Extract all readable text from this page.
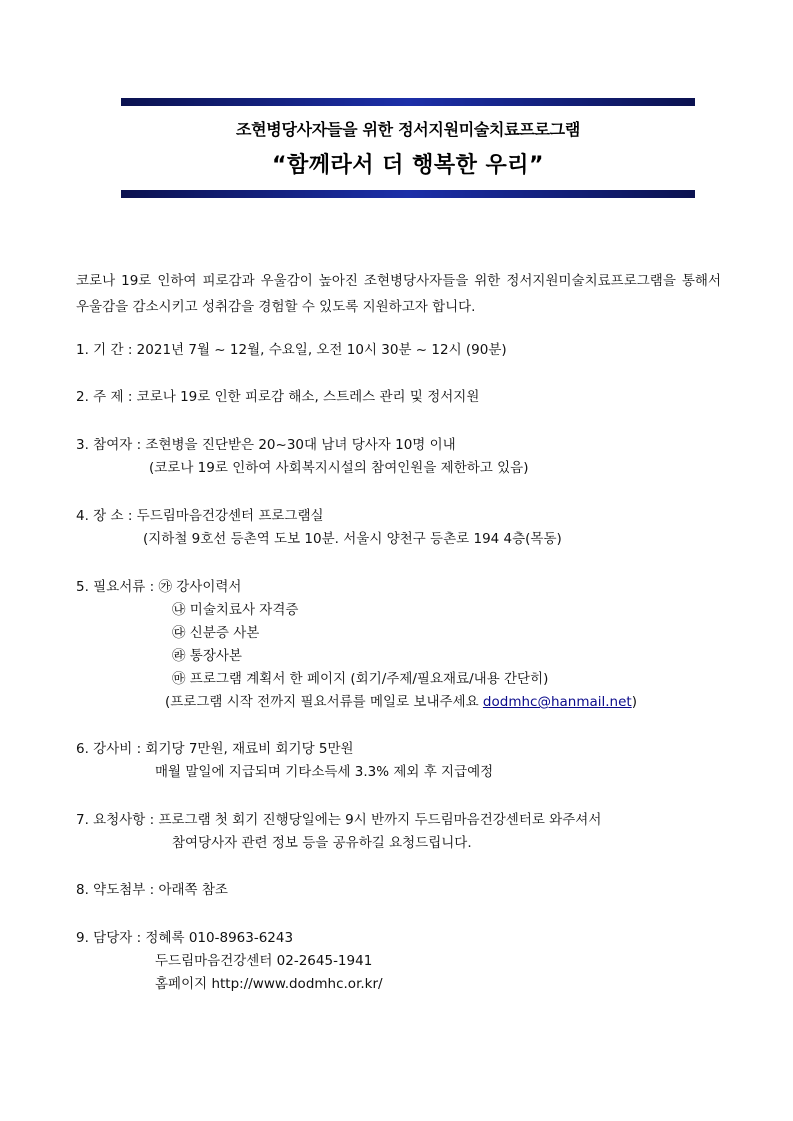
조현병당사자들을 위한 정서지원미술치료프로그램
“함께라서 더 행복한 우리”
코로나 19로 인하여 피로감과 우울감이 높아진 조현병당사자들을 위한 정서지원미술치료프로그램을 통해서 우울감을 감소시키고 성취감을 경험할 수 있도록 지원하고자 합니다.
1. 기 간 : 2021년 7월 ~ 12월, 수요일, 오전 10시 30분 ~ 12시 (90분)
2. 주 제 : 코로나 19로 인한 피로감 해소, 스트레스 관리 및 정서지원
3. 참여자 : 조현병을 진단받은 20~30대 남녀 당사자 10명 이내
(코로나 19로 인하여 사회복지시설의 참여인원을 제한하고 있음)
4. 장 소 : 두드림마음건강센터 프로그램실
(지하철 9호선 등촌역 도보 10분. 서울시 양천구 등촌로 194 4층(목동)
5. 필요서류 : ㉮ 강사이력서
㉯ 미술치료사 자격증
㉰ 신분증 사본
㉱ 통장사본
㉲ 프로그램 계획서 한 페이지 (회기/주제/필요재료/내용 간단히)
(프로그램 시작 전까지 필요서류를 메일로 보내주세요 dodmhc@hanmail.net)
6. 강사비 : 회기당 7만원, 재료비 회기당 5만원
매월 말일에 지급되며 기타소득세 3.3% 제외 후 지급예정
7. 요청사항 : 프로그램 첫 회기 진행당일에는 9시 반까지 두드림마음건강센터로 와주셔서
참여당사자 관련 정보 등을 공유하길 요청드립니다.
8. 약도첨부 : 아래쪽 참조
9. 담당자 : 정혜록 010-8963-6243
두드림마음건강센터 02-2645-1941
홈페이지 http://www.dodmhc.or.kr/
